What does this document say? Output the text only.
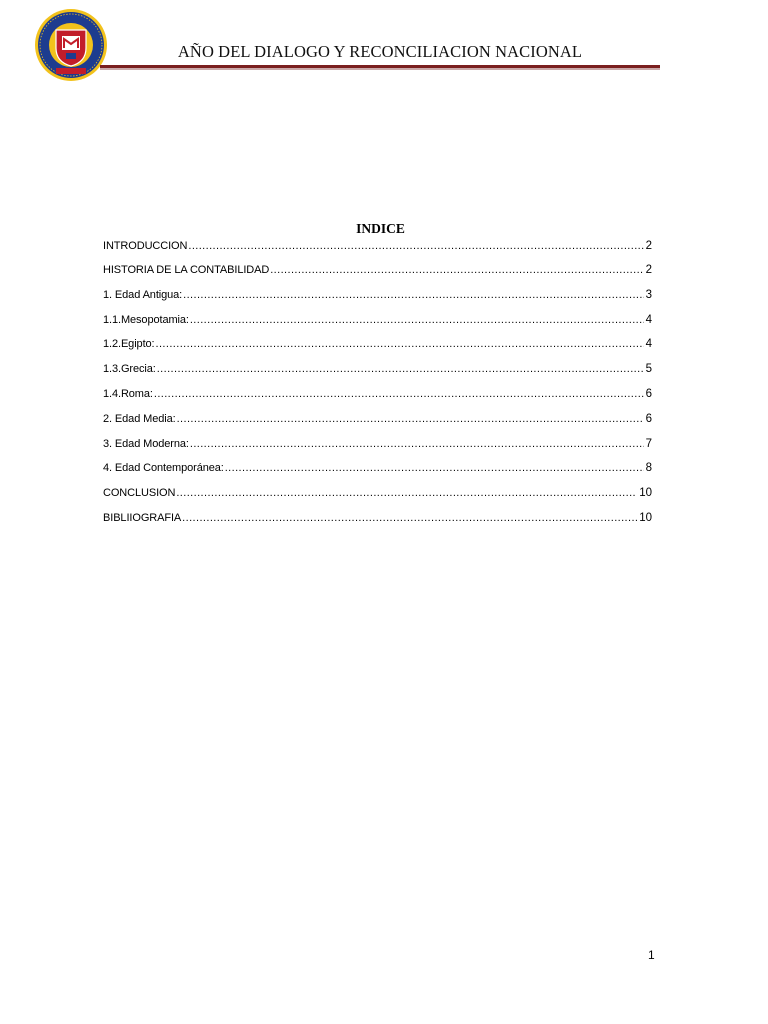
AÑO DEL DIALOGO Y RECONCILIACION NACIONAL
INDICE
INTRODUCCION .....	2
HISTORIA DE LA CONTABILIDAD .....	2
1. Edad Antigua: .....	3
1.1.Mesopotamia: .....	4
1.2.Egipto: .....	4
1.3.Grecia: .....	5
1.4.Roma: .....	6
2. Edad Media: .....	6
3. Edad Moderna: .....	7
4. Edad Contemporánea: .....	8
CONCLUSION .....	10
BIBLIIOGRAFIA .....	10
1
